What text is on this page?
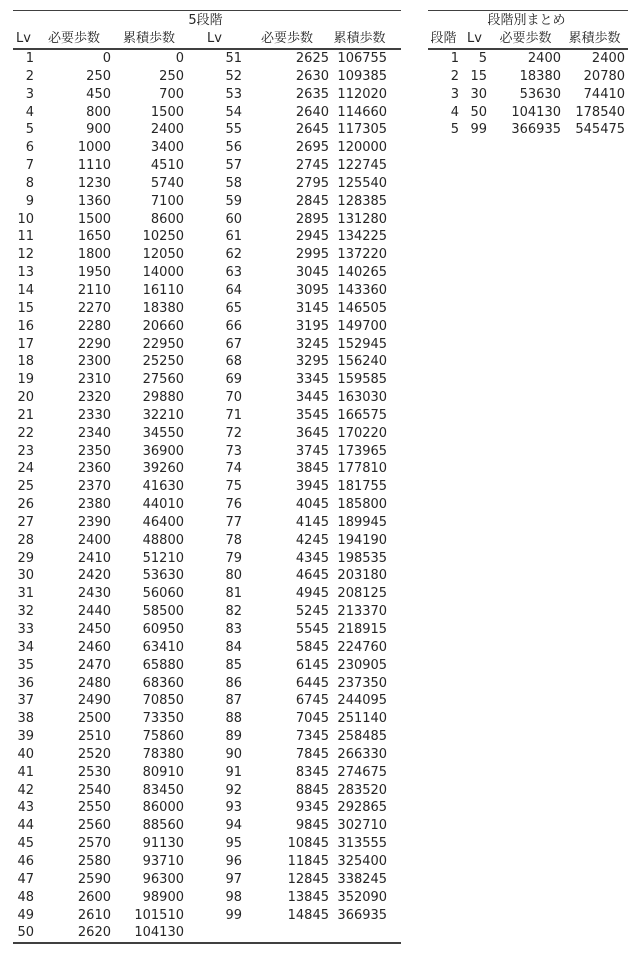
5段階					
Lv	必要歩数	累積歩数	Lv	必要歩数	累積歩数
1	0	0	51	2625	106755
2	250	250	52	2630	109385
3	450	700	53	2635	112020
4	800	1500	54	2640	114660
5	900	2400	55	2645	117305
6	1000	3400	56	2695	120000
7	1110	4510	57	2745	122745
8	1230	5740	58	2795	125540
9	1360	7100	59	2845	128385
10	1500	8600	60	2895	131280
11	1650	10250	61	2945	134225
12	1800	12050	62	2995	137220
13	1950	14000	63	3045	140265
14	2110	16110	64	3095	143360
15	2270	18380	65	3145	146505
16	2280	20660	66	3195	149700
17	2290	22950	67	3245	152945
18	2300	25250	68	3295	156240
19	2310	27560	69	3345	159585
20	2320	29880	70	3445	163030
21	2330	32210	71	3545	166575
22	2340	34550	72	3645	170220
23	2350	36900	73	3745	173965
24	2360	39260	74	3845	177810
25	2370	41630	75	3945	181755
26	2380	44010	76	4045	185800
27	2390	46400	77	4145	189945
28	2400	48800	78	4245	194190
29	2410	51210	79	4345	198535
30	2420	53630	80	4645	203180
31	2430	56060	81	4945	208125
32	2440	58500	82	5245	213370
33	2450	60950	83	5545	218915
34	2460	63410	84	5845	224760
35	2470	65880	85	6145	230905
36	2480	68360	86	6445	237350
37	2490	70850	87	6745	244095
38	2500	73350	88	7045	251140
39	2510	75860	89	7345	258485
40	2520	78380	90	7845	266330
41	2530	80910	91	8345	274675
42	2540	83450	92	8845	283520
43	2550	86000	93	9345	292865
44	2560	88560	94	9845	302710
45	2570	91130	95	10845	313555
46	2580	93710	96	11845	325400
47	2590	96300	97	12845	338245
48	2600	98900	98	13845	352090
49	2610	101510	99	14845	366935
50	2620	104130			
段階別まとめ			
段階	Lv	必要歩数	累積歩数
1	5	2400	2400
2	15	18380	20780
3	30	53630	74410
4	50	104130	178540
5	99	366935	545475
